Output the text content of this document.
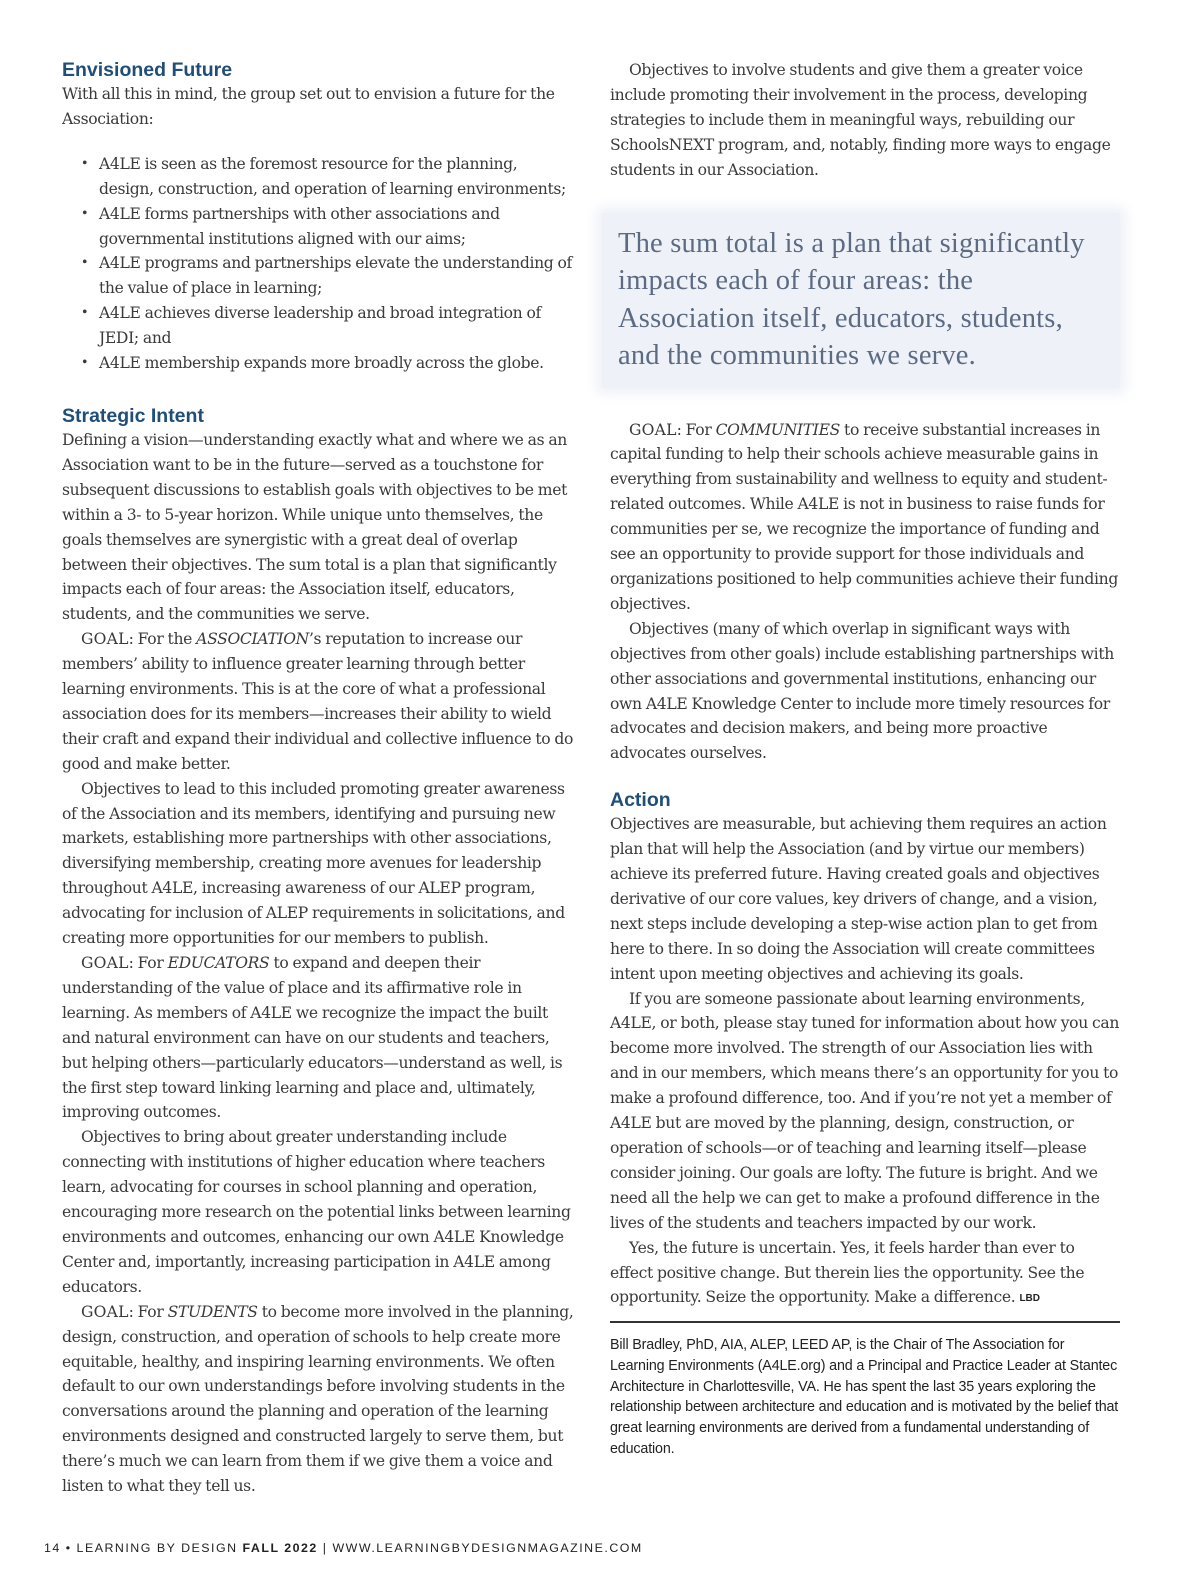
Envisioned Future

With all this in mind, the group set out to envision a future for the Association:

• A4LE is seen as the foremost resource for the planning, design, construction, and operation of learning environments;
• A4LE forms partnerships with other associations and governmental institutions aligned with our aims;
• A4LE programs and partnerships elevate the understanding of the value of place in learning;
• A4LE achieves diverse leadership and broad integration of JEDI; and
• A4LE membership expands more broadly across the globe.
Strategic Intent

Defining a vision—understanding exactly what and where we as an Association want to be in the future—served as a touchstone for subsequent discussions to establish goals with objectives to be met within a 3- to 5-year horizon. While unique unto themselves, the goals themselves are synergistic with a great deal of overlap between their objectives. The sum total is a plan that significantly impacts each of four areas: the Association itself, educators, students, and the communities we serve.

GOAL: For the ASSOCIATION’s reputation to increase our members’ ability to influence greater learning through better learning environments. This is at the core of what a professional association does for its members—increases their ability to wield their craft and expand their individual and collective influence to do good and make better.

Objectives to lead to this included promoting greater awareness of the Association and its members, identifying and pursuing new markets, establishing more partnerships with other associations, diversifying membership, creating more avenues for leadership throughout A4LE, increasing awareness of our ALEP program, advocating for inclusion of ALEP requirements in solicitations, and creating more opportunities for our members to publish.

GOAL: For EDUCATORS to expand and deepen their understanding of the value of place and its affirmative role in learning. As members of A4LE we recognize the impact the built and natural environment can have on our students and teachers, but helping others—particularly educators—understand as well, is the first step toward linking learning and place and, ultimately, improving outcomes.

Objectives to bring about greater understanding include connecting with institutions of higher education where teachers learn, advocating for courses in school planning and operation, encouraging more research on the potential links between learning environments and outcomes, enhancing our own A4LE Knowledge Center and, importantly, increasing participation in A4LE among educators.

GOAL: For STUDENTS to become more involved in the planning, design, construction, and operation of schools to help create more equitable, healthy, and inspiring learning environments. We often default to our own understandings before involving students in the conversations around the planning and operation of the learning environments designed and constructed largely to serve them, but there’s much we can learn from them if we give them a voice and listen to what they tell us.

Objectives to involve students and give them a greater voice include promoting their involvement in the process, developing strategies to include them in meaningful ways, rebuilding our SchoolsNEXT program, and, notably, finding more ways to engage students in our Association.

The sum total is a plan that significantly impacts each of four areas: the Association itself, educators, students, and the communities we serve.

GOAL: For COMMUNITIES to receive substantial increases in capital funding to help their schools achieve measurable gains in everything from sustainability and wellness to equity and student-related outcomes. While A4LE is not in business to raise funds for communities per se, we recognize the importance of funding and see an opportunity to provide support for those individuals and organizations positioned to help communities achieve their funding objectives.

Objectives (many of which overlap in significant ways with objectives from other goals) include establishing partnerships with other associations and governmental institutions, enhancing our own A4LE Knowledge Center to include more timely resources for advocates and decision makers, and being more proactive advocates ourselves.

Action

Objectives are measurable, but achieving them requires an action plan that will help the Association (and by virtue our members) achieve its preferred future. Having created goals and objectives derivative of our core values, key drivers of change, and a vision, next steps include developing a step-wise action plan to get from here to there. In so doing the Association will create committees intent upon meeting objectives and achieving its goals.

If you are someone passionate about learning environments, A4LE, or both, please stay tuned for information about how you can become more involved. The strength of our Association lies with and in our members, which means there’s an opportunity for you to make a profound difference, too. And if you’re not yet a member of A4LE but are moved by the planning, design, construction, or operation of schools—or of teaching and learning itself—please consider joining. Our goals are lofty. The future is bright. And we need all the help we can get to make a profound difference in the lives of the students and teachers impacted by our work.

Yes, the future is uncertain. Yes, it feels harder than ever to effect positive change. But therein lies the opportunity. See the opportunity. Seize the opportunity. Make a difference. LBD

Bill Bradley, PhD, AIA, ALEP, LEED AP, is the Chair of The Association for Learning Environments (A4LE.org) and a Principal and Practice Leader at Stantec Architecture in Charlottesville, VA. He has spent the last 35 years exploring the relationship between architecture and education and is motivated by the belief that great learning environments are derived from a fundamental understanding of education.
14 • LEARNING BY DESIGN FALL 2022 | WWW.LEARNINGBYDESIGNMAGAZINE.COM
